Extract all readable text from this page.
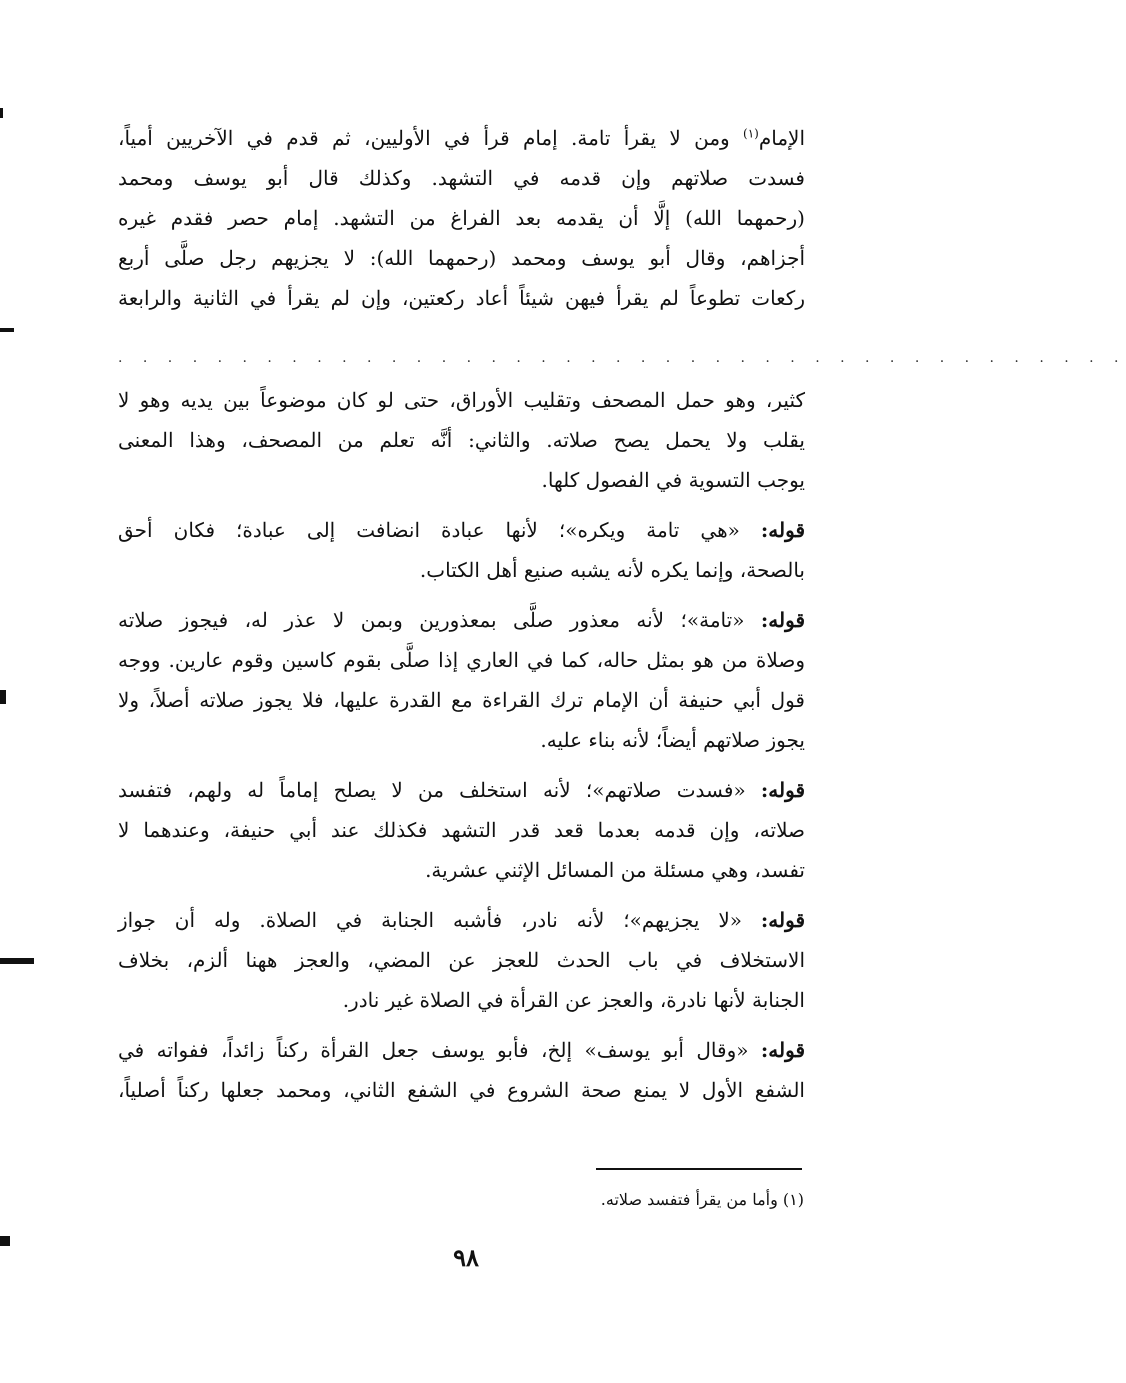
الإمام$^{(١)}$ ومن لا يقرأ تامة. إمام قرأ في الأوليين، ثم قدم في الآخريين أمياً،
فسدت صلاتهم وإن قدمه في التشهد. وكذلك قال أبو يوسف ومحمد
(رحمهما الله) إلَّا أن يقدمه بعد الفراغ من التشهد. إمام حصر فقدم غيره
أجزاهم، وقال أبو يوسف ومحمد (رحمهما الله): لا يجزيهم رجل صلَّى أربع
ركعات تطوعاً لم يقرأ فيهن شيئاً أعاد ركعتين، وإن لم يقرأ في الثانية والرابعة
. . . . . . . . . . . . . . . . . . . . . . . . . . . . . . . . . . . . . . . . .
كثير، وهو حمل المصحف وتقليب الأوراق، حتى لو كان موضوعاً بين يديه وهو لا
يقلب ولا يحمل يصح صلاته. والثاني: أنَّه تعلم من المصحف، وهذا المعنى
يوجب التسوية في الفصول كلها.
قوله: «هي تامة ويكره»؛ لأنها عبادة انضافت إلى عبادة؛ فكان أحق
بالصحة، وإنما يكره لأنه يشبه صنيع أهل الكتاب.
قوله: «تامة»؛ لأنه معذور صلَّى بمعذورين وبمن لا عذر له، فيجوز صلاته
وصلاة من هو بمثل حاله، كما في العاري إذا صلَّى بقوم كاسين وقوم عارين. ووجه
قول أبي حنيفة أن الإمام ترك القراءة مع القدرة عليها، فلا يجوز صلاته أصلاً، ولا
يجوز صلاتهم أيضاً؛ لأنه بناء عليه.
قوله: «فسدت صلاتهم»؛ لأنه استخلف من لا يصلح إماماً له ولهم، فتفسد
صلاته، وإن قدمه بعدما قعد قدر التشهد فكذلك عند أبي حنيفة، وعندهما لا
تفسد، وهي مسئلة من المسائل الإثني عشرية.
قوله: «لا يجزيهم»؛ لأنه نادر، فأشبه الجنابة في الصلاة. وله أن جواز
الاستخلاف في باب الحدث للعجز عن المضي، والعجز ههنا ألزم، بخلاف
الجنابة لأنها نادرة، والعجز عن القرأة في الصلاة غير نادر.
قوله: «وقال أبو يوسف» إلخ، فأبو يوسف جعل القرأة ركناً زائداً، ففواته في
الشفع الأول لا يمنع صحة الشروع في الشفع الثاني، ومحمد جعلها ركناً أصلياً،
(١) وأما من يقرأ فتفسد صلاته.
٩٨
